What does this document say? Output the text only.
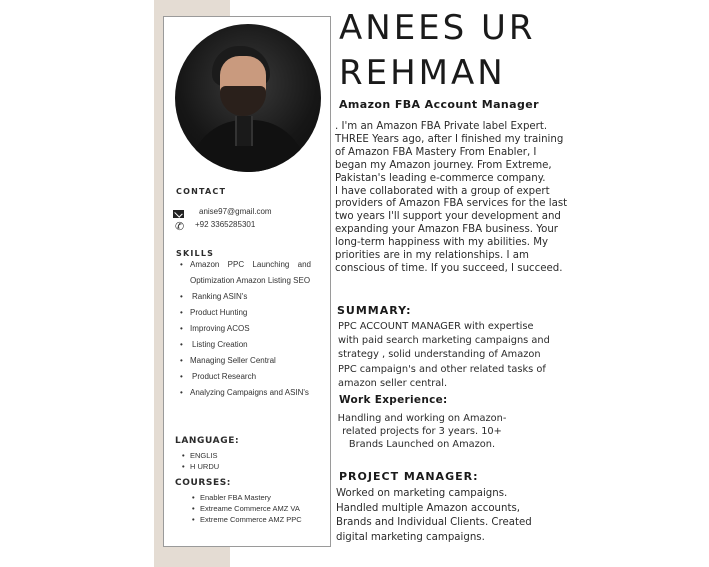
CONTACT
anise97@gmail.com
✆ +92 3365285301
SKILLS
• Amazon PPC Launching and Optimization Amazon Listing SEO
• Ranking ASIN's
• Product Hunting
• Improving ACOS
• Listing Creation
• Managing Seller Central
• Product Research
• Analyzing Campaigns and ASIN's
LANGUAGE:
• ENGLIS
• H URDU
COURSES:
• Enabler FBA Mastery
• Extreame Commerce AMZ VA
• Extreme Commerce AMZ PPC
ANEES UR REHMAN
Amazon FBA Account Manager
. I'm an Amazon FBA Private label Expert. THREE Years ago, after I finished my training of Amazon FBA Mastery From Enabler, I began my Amazon journey. From Extreme, Pakistan's leading e-commerce company.
I have collaborated with a group of expert providers of Amazon FBA services for the last two years I'll support your development and expanding your Amazon FBA business. Your long-term happiness with my abilities. My priorities are in my relationships. I am conscious of time. If you succeed, I succeed.
SUMMARY:
PPC ACCOUNT MANAGER with expertise with paid search marketing campaigns and strategy , solid understanding of Amazon PPC campaign's and other related tasks of amazon seller central.
Work Experience:
Handling and working on Amazon-related projects for 3 years. 10+ Brands Launched on Amazon.
PROJECT MANAGER:
Worked on marketing campaigns. Handled multiple Amazon accounts, Brands and Individual Clients. Created digital marketing campaigns.
